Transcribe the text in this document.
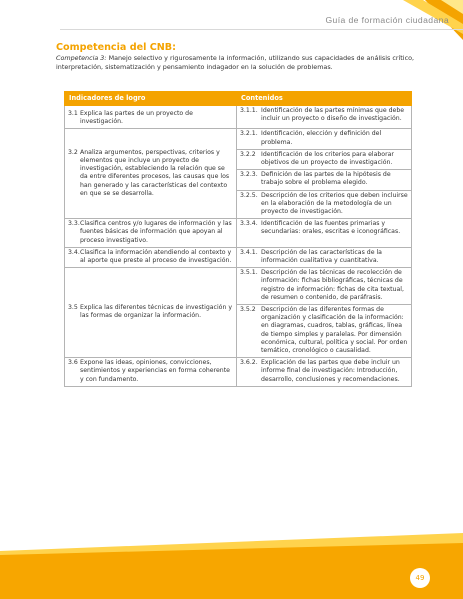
Guía de formación ciudadana
Competencia del CNB:
Competencia 3: Manejo selectivo y rigurosamente la información, utilizando sus capacidades de análisis crítico, interpretación, sistematización y pensamiento indagador en la solución de problemas.
Indicadores de logro	Contenidos

3.1 Explica las partes de un proyecto de investigación.	3.1.1. Identificación de las partes mínimas que debe incluir un proyecto o diseño de investigación.

3.2 Analiza argumentos, perspectivas, criterios y elementos que incluye un proyecto de investigación, estableciendo la relación que se da entre diferentes procesos, las causas que los han generado y las características del contexto en que se se desarrolla.	3.2.1. Identificación, elección y definición del problema.

	3.2.2 Identificación de los criterios para elaborar objetivos de un proyecto de investigación.

	3.2.3. Definición de las partes de la hipótesis de trabajo sobre el problema elegido.

	3.2.5. Descripción de los criterios que deben incluirse en la elaboración de la metodología de un proyecto de investigación.

3.3. Clasifica centros y/o lugares de información y las fuentes básicas de información que apoyan al proceso investigativo.	3.3.4. Identificación de las fuentes primarias y secundarias: orales, escritas e iconográficas.

3.4. Clasifica la información atendiendo al contexto y al aporte que preste al proceso de investigación.	3.4.1. Descripción de las características de la información cualitativa y cuantitativa.

3.5 Explica las diferentes técnicas de investigación y las formas de organizar la información.	3.5.1. Descripción de las técnicas de recolección de información: fichas bibliográficas, técnicas de registro de información: fichas de cita textual, de resumen o contenido, de paráfrasis.

	3.5.2 Descripción de las diferentes formas de organización y clasificación de la información: en diagramas, cuadros, tablas, gráficas, línea de tiempo simples y paralelas. Por dimensión económica, cultural, política y social. Por orden temático, cronológico o causalidad.

3.6 Expone las ideas, opiniones, convicciones, sentimientos y experiencias en forma coherente y con fundamento.	3.6.2. Explicación de las partes que debe incluir un informe final de investigación: Introducción, desarrollo, conclusiones y recomendaciones.
49
